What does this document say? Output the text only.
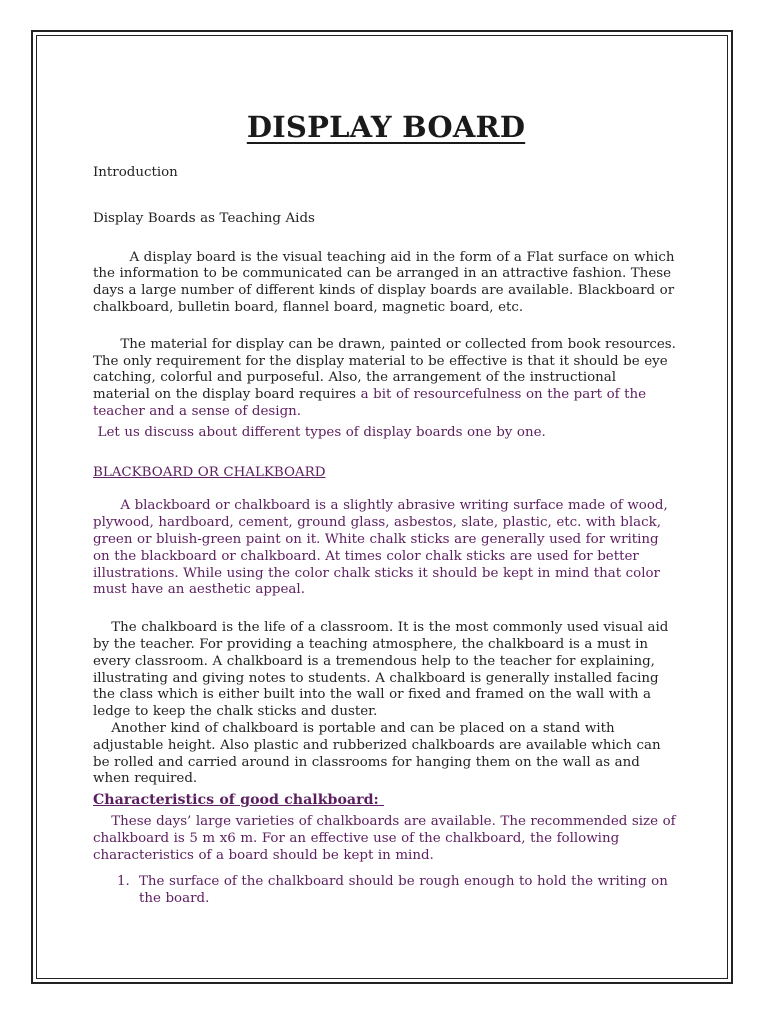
DISPLAY BOARD

Introduction

Display Boards as Teaching Aids

A display board is the visual teaching aid in the form of a Flat surface on which the information to be communicated can be arranged in an attractive fashion. These days a large number of different kinds of display boards are available. Blackboard or chalkboard, bulletin board, flannel board, magnetic board, etc.

The material for display can be drawn, painted or collected from book resources. The only requirement for the display material to be effective is that it should be eye catching, colorful and purposeful. Also, the arrangement of the instructional material on the display board requires a bit of resourcefulness on the part of the teacher and a sense of design.

Let us discuss about different types of display boards one by one.

BLACKBOARD OR CHALKBOARD

A blackboard or chalkboard is a slightly abrasive writing surface made of wood, plywood, hardboard, cement, ground glass, asbestos, slate, plastic, etc. with black, green or bluish-green paint on it. White chalk sticks are generally used for writing on the blackboard or chalkboard. At times color chalk sticks are used for better illustrations. While using the color chalk sticks it should be kept in mind that color must have an aesthetic appeal.

The chalkboard is the life of a classroom. It is the most commonly used visual aid by the teacher. For providing a teaching atmosphere, the chalkboard is a must in every classroom. A chalkboard is a tremendous help to the teacher for explaining, illustrating and giving notes to students. A chalkboard is generally installed facing the class which is either built into the wall or fixed and framed on the wall with a ledge to keep the chalk sticks and duster.

Another kind of chalkboard is portable and can be placed on a stand with adjustable height. Also plastic and rubberized chalkboards are available which can be rolled and carried around in classrooms for hanging them on the wall as and when required.

Characteristics of good chalkboard:

These days’ large varieties of chalkboards are available. The recommended size of chalkboard is 5 m x6 m. For an effective use of the chalkboard, the following characteristics of a board should be kept in mind.

1. The surface of the chalkboard should be rough enough to hold the writing on the board.
